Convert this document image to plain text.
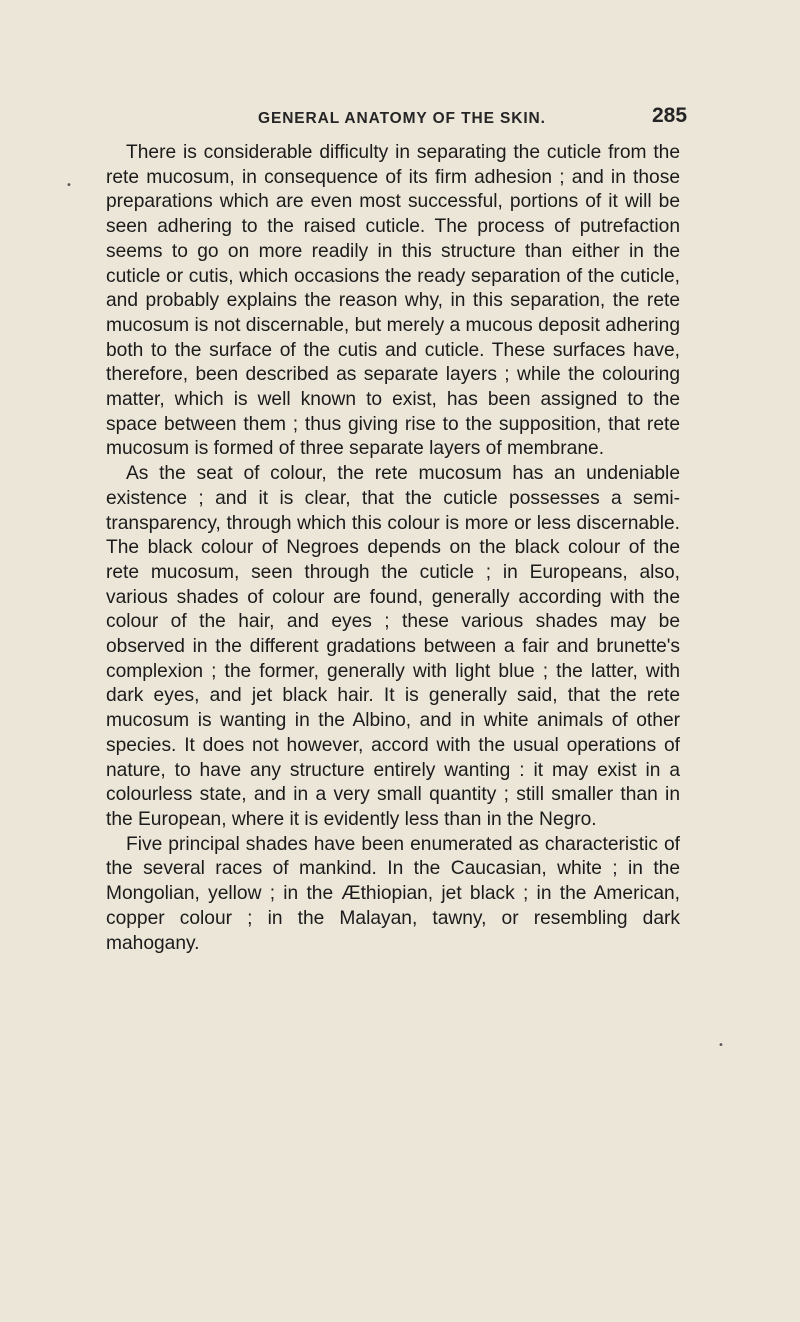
GENERAL ANATOMY OF THE SKIN.	285

There is considerable difficulty in separating the cuticle from the rete mucosum, in consequence of its firm adhesion ; and in those preparations which are even most successful, portions of it will be seen adhering to the raised cuticle. The process of putrefaction seems to go on more readily in this structure than either in the cuticle or cutis, which occasions the ready separation of the cuticle, and probably explains the reason why, in this separation, the rete mucosum is not discernable, but merely a mucous deposit adhering both to the surface of the cutis and cuticle. These surfaces have, therefore, been described as separate layers ; while the colouring matter, which is well known to exist, has been assigned to the space between them ; thus giving rise to the supposition, that rete mucosum is formed of three separate layers of membrane.

As the seat of colour, the rete mucosum has an undeniable existence ; and it is clear, that the cuticle possesses a semi-transparency, through which this colour is more or less discernable. The black colour of Negroes depends on the black colour of the rete mucosum, seen through the cuticle ; in Europeans, also, various shades of colour are found, generally according with the colour of the hair, and eyes ; these various shades may be observed in the different gradations between a fair and brunette's complexion ; the former, generally with light blue ; the latter, with dark eyes, and jet black hair. It is generally said, that the rete mucosum is wanting in the Albino, and in white animals of other species. It does not however, accord with the usual operations of nature, to have any structure entirely wanting : it may exist in a colourless state, and in a very small quantity ; still smaller than in the European, where it is evidently less than in the Negro.

Five principal shades have been enumerated as characteristic of the several races of mankind. In the Caucasian, white ; in the Mongolian, yellow ; in the Æthiopian, jet black ; in the American, copper colour ; in the Malayan, tawny, or resembling dark mahogany.

•
•
